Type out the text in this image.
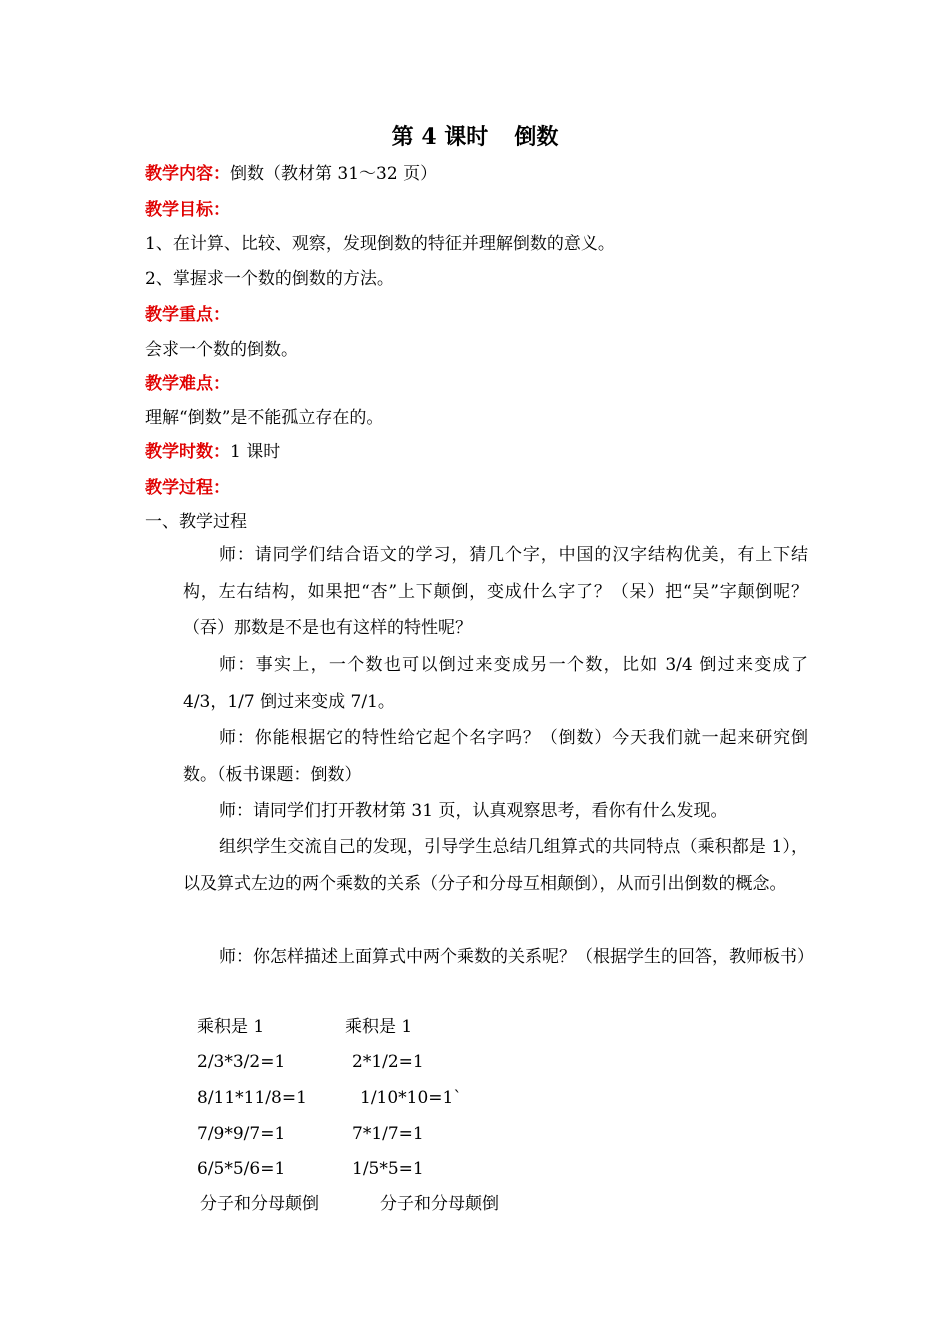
第 4 课时 倒数
教学内容：倒数（教材第 31～32 页）
教学目标：
1、在计算、比较、观察，发现倒数的特征并理解倒数的意义。
2、掌握求一个数的倒数的方法。
教学重点：
会求一个数的倒数。
教学难点：
理解“倒数”是不能孤立存在的。
教学时数：1 课时
教学过程：
一、教学过程
师：请同学们结合语文的学习，猜几个字，中国的汉字结构优美，有上下结构，左右结构，如果把“杏”上下颠倒，变成什么字了？（呆）把“吴”字颠倒呢？（吞）那数是不是也有这样的特性呢？
师：事实上，一个数也可以倒过来变成另一个数，比如 3/4 倒过来变成了 4/3，1/7 倒过来变成 7/1。
师：你能根据它的特性给它起个名字吗？（倒数）今天我们就一起来研究倒数。（板书课题：倒数）
师：请同学们打开教材第 31 页，认真观察思考，看你有什么发现。
组织学生交流自己的发现，引导学生总结几组算式的共同特点（乘积都是 1），以及算式左边的两个乘数的关系（分子和分母互相颠倒），从而引出倒数的概念。
师：你怎样描述上面算式中两个乘数的关系呢？（根据学生的回答，教师板书）
乘积是 1	乘积是 1
2/3*3/2=1	2*1/2=1
8/11*11/8=1	1/10*10=1`
7/9*9/7=1	7*1/7=1
6/5*5/6=1	1/5*5=1
分子和分母颠倒	分子和分母颠倒
